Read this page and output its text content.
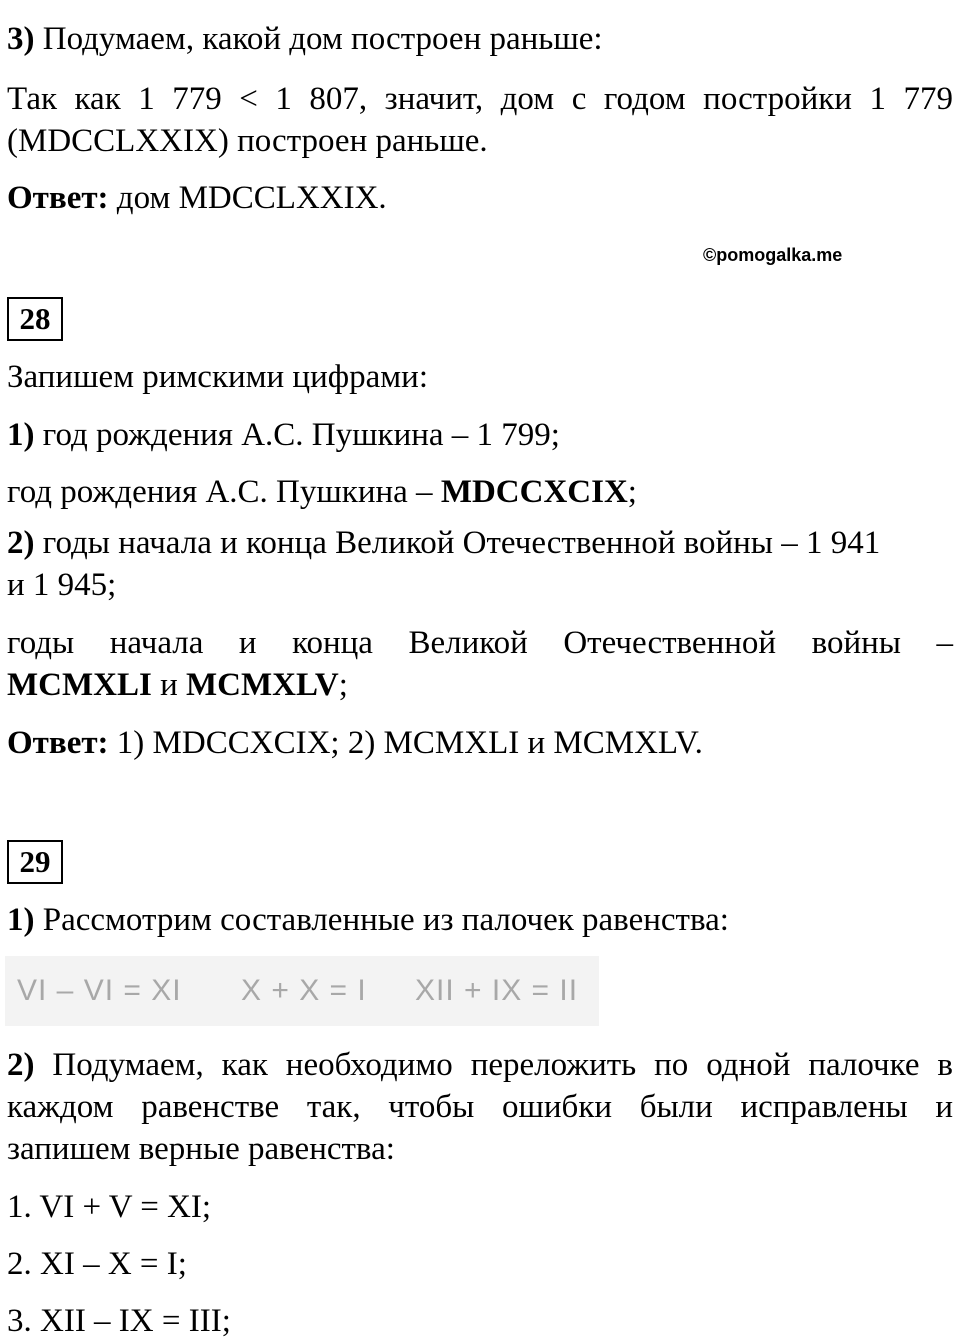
3) Подумаем, какой дом построен раньше:
Так как 1 779 < 1 807, значит, дом с годом постройки 1 779
(MDCCLXXIX) построен раньше.
Ответ: дом MDCCLXXIX.
©pomogalka.me
28
Запишем римскими цифрами:
1) год рождения А.С. Пушкина – 1 799;
год рождения А.С. Пушкина – MDCCXCIX;
2) годы начала и конца Великой Отечественной войны – 1 941
и 1 945;
годы начала и конца Великой Отечественной войны –
MCMXLI и MCMXLV;
Ответ: 1) MDCCXCIX; 2) MCMXLI и MCMXLV.
29
1) Рассмотрим составленные из палочек равенства:
VI – VI = XI X + X = I XII + IX = II
2) Подумаем, как необходимо переложить по одной палочке в
каждом равенстве так, чтобы ошибки были исправлены и
запишем верные равенства:
1. VI + V = XI;
2. XI – X = I;
3. XII – IX = III;
